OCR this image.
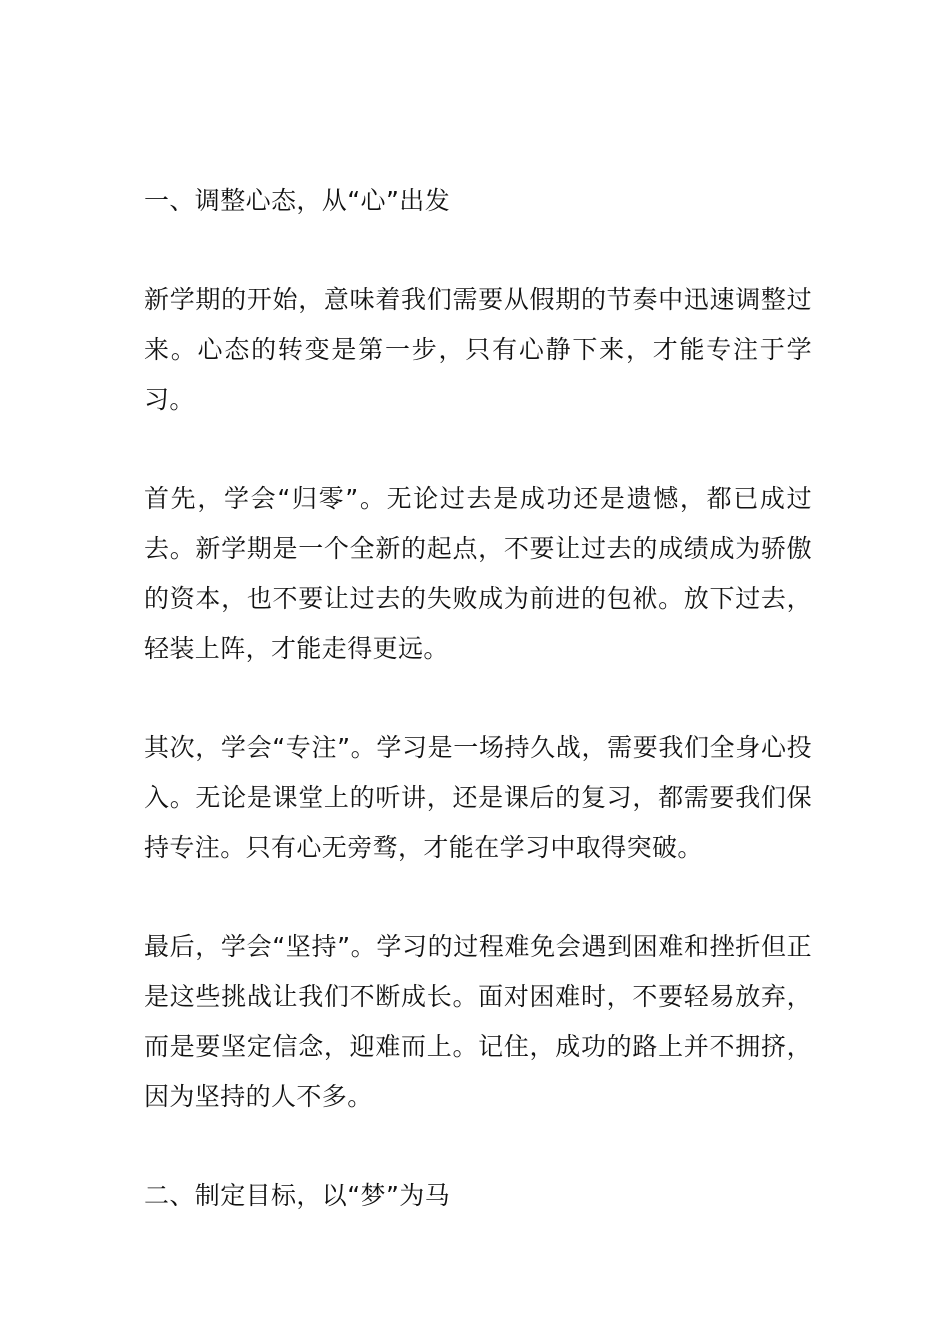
一、调整心态，从“心”出发

新学期的开始，意味着我们需要从假期的节奏中迅速调整过来。心态的转变是第一步，只有心静下来，才能专注于学习。

首先，学会“归零”。无论过去是成功还是遗憾，都已成过去。新学期是一个全新的起点，不要让过去的成绩成为骄傲的资本，也不要让过去的失败成为前进的包袱。放下过去，轻装上阵，才能走得更远。

其次，学会“专注”。学习是一场持久战，需要我们全身心投入。无论是课堂上的听讲，还是课后的复习，都需要我们保持专注。只有心无旁骛，才能在学习中取得突破。

最后，学会“坚持”。学习的过程难免会遇到困难和挫折但正是这些挑战让我们不断成长。面对困难时，不要轻易放弃，而是要坚定信念，迎难而上。记住，成功的路上并不拥挤，因为坚持的人不多。

二、制定目标，以“梦”为马
